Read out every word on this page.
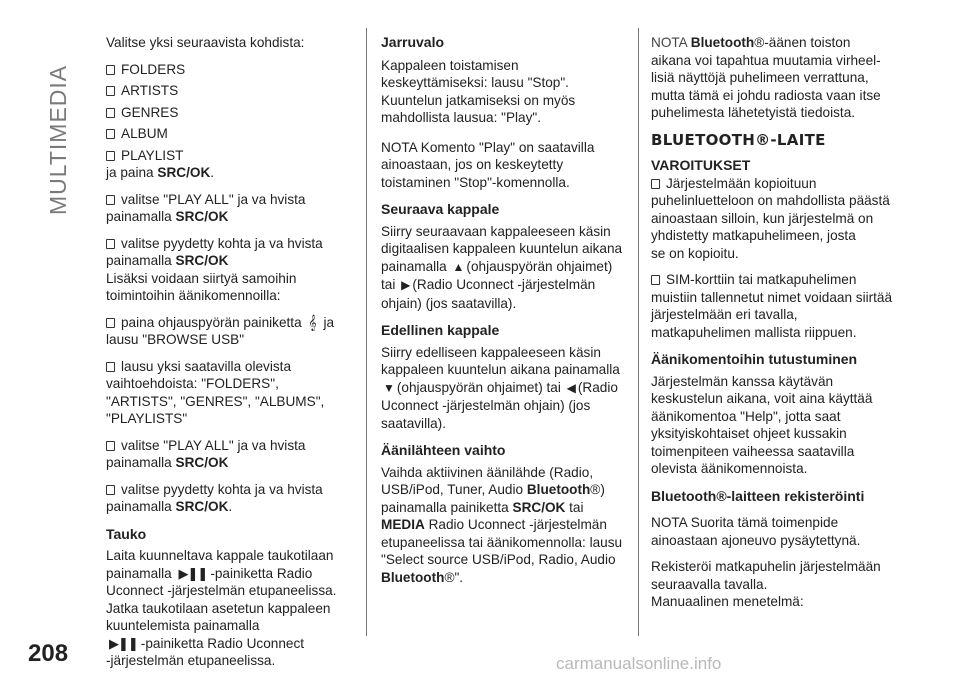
MULTIMEDIA
208

Valitse yksi seuraavista kohdista:

FOLDERS

ARTISTS

GENRES

ALBUM

PLAYLIST

ja paina SRC/OK.

valitse "PLAY ALL" ja va hvista
painamalla SRC/OK

valitse pyydetty kohta ja va hvista
painamalla SRC/OK

Lisäksi voidaan siirtyä samoihin
toimintoihin äänikomennoilla:

paina ohjauspyörän painiketta 𝄞 ja
lausu "BROWSE USB"

lausu yksi saatavilla olevista
vaihtoehdoista: "FOLDERS",
"ARTISTS", "GENRES", "ALBUMS",
"PLAYLISTS"

valitse "PLAY ALL" ja va hvista
painamalla SRC/OK

valitse pyydetty kohta ja va hvista
painamalla SRC/OK.

Tauko

Laita kuunneltava kappale taukotilaan
painamalla ▶❚❚ -painiketta Radio
Uconnect -järjestelmän etupaneelissa.
Jatka taukotilaan asetetun kappaleen
kuuntelemista painamalla
▶❚❚ -painiketta Radio Uconnect
-järjestelmän etupaneelissa.

Jarruvalo

Kappaleen toistamisen
keskeyttämiseksi: lausu "Stop".
Kuuntelun jatkamiseksi on myös
mahdollista lausua: "Play".

NOTA Komento "Play" on saatavilla
ainoastaan, jos on keskeytetty
toistaminen "Stop"-komennolla.

Seuraava kappale

Siirry seuraavaan kappaleeseen käsin
digitaalisen kappaleen kuuntelun aikana
painamalla ▲ (ohjauspyörän ohjaimet)
tai ▶ (Radio Uconnect -järjestelmän
ohjain) (jos saatavilla).

Edellinen kappale

Siirry edelliseen kappaleeseen käsin
kappaleen kuuntelun aikana painamalla
▼ (ohjauspyörän ohjaimet) tai ◀ (Radio
Uconnect -järjestelmän ohjain) (jos
saatavilla).

Äänilähteen vaihto

Vaihda aktiivinen äänilähde (Radio,
USB/iPod, Tuner, Audio Bluetooth®)
painamalla painiketta SRC/OK tai
MEDIA Radio Uconnect -järjestelmän
etupaneelissa tai äänikomennolla: lausu
"Select source USB/iPod, Radio, Audio
Bluetooth®".

NOTA Bluetooth®-äänen toiston
aikana voi tapahtua muutamia virheel-
lisiä näyttöjä puhelimeen verrattuna,
mutta tämä ei johdu radiosta vaan itse
puhelimesta lähetetyistä tiedoista.

BLUETOOTH®-LAITE

VAROITUKSET

Järjestelmään kopioituun
puhelinluetteloon on mahdollista päästä
ainoastaan silloin, kun järjestelmä on
yhdistetty matkapuhelimeen, josta
se on kopioitu.

SIM-korttiin tai matkapuhelimen
muistiin tallennetut nimet voidaan siirtää
järjestelmään eri tavalla,
matkapuhelimen mallista riippuen.

Äänikomentoihin tutustuminen

Järjestelmän kanssa käytävän
keskustelun aikana, voit aina käyttää
äänikomentoa "Help", jotta saat
yksityiskohtaiset ohjeet kussakin
toimenpiteen vaiheessa saatavilla
olevista äänikomennoista.

Bluetooth®-laitteen rekisteröinti

NOTA Suorita tämä toimenpide
ainoastaan ajoneuvo pysäytettynä.

Rekisteröi matkapuhelin järjestelmään
seuraavalla tavalla.
Manuaalinen menetelmä:

carmanualsonline.info
